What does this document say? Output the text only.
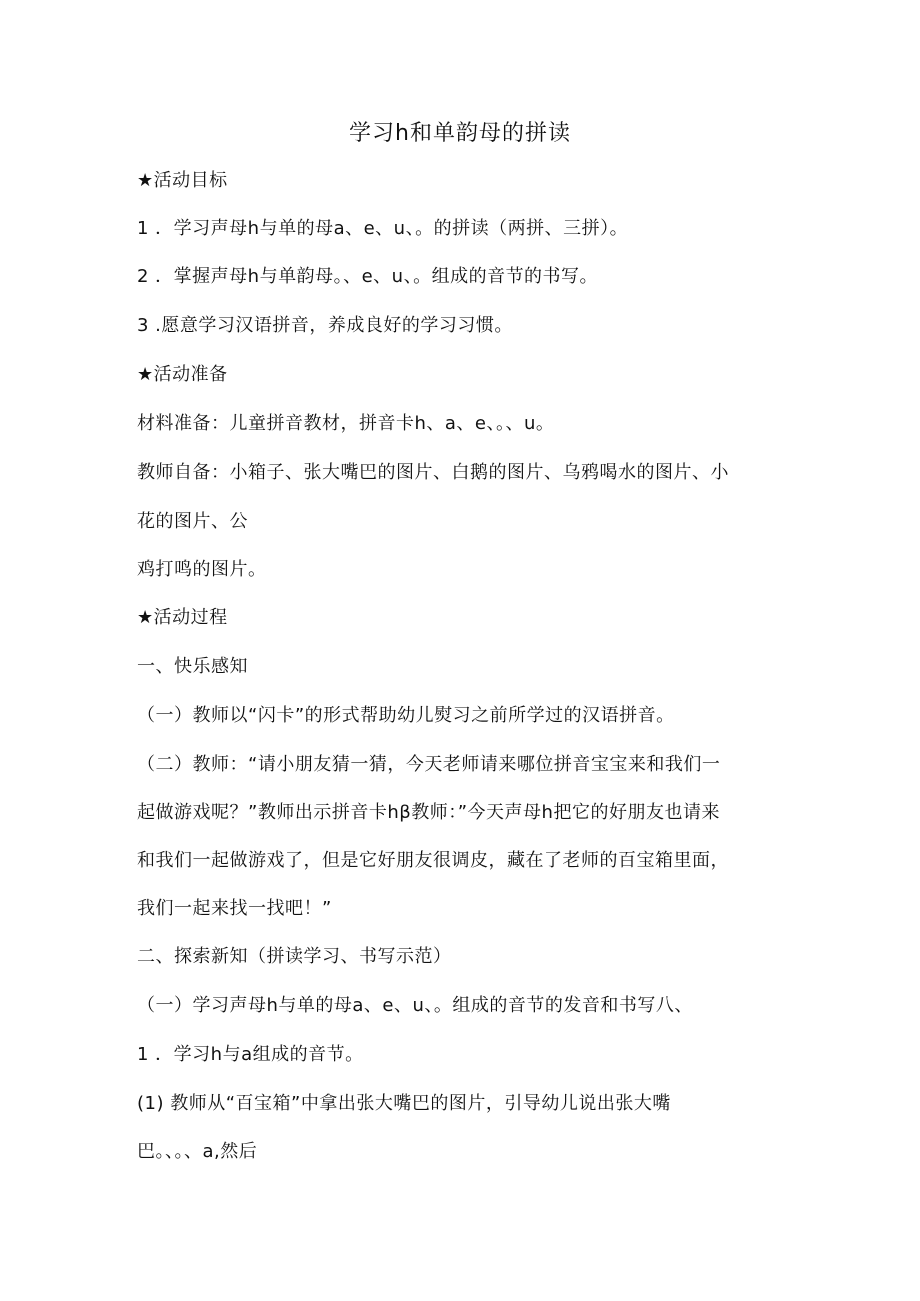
学习h和单韵母的拼读
★活动目标
1 ．学习声母h与单的母a、e、u、。的拼读（两拼、三拼）。
2 ．掌握声母h与单韵母。、e、u、。组成的音节的书写。
3 .愿意学习汉语拼音，养成良好的学习习惯。
★活动准备
材料准备：儿童拼音教材，拼音卡h、a、e、。、u。
教师自备：小箱子、张大嘴巴的图片、白鹅的图片、乌鸦喝水的图片、小
花的图片、公
鸡打鸣的图片。
★活动过程
一、快乐感知
（一）教师以“闪卡”的形式帮助幼儿熨习之前所学过的汉语拼音。
（二）教师：“请小朋友猜一猜，今天老师请来哪位拼音宝宝来和我们一
起做游戏呢？”教师出示拼音卡hβ教师：”今天声母h把它的好朋友也请来
和我们一起做游戏了，但是它好朋友很调皮，藏在了老师的百宝箱里面，
我们一起来找一找吧！”
二、探索新知（拼读学习、书写示范）
（一）学习声母h与单的母a、e、u、。组成的音节的发音和书写八、
1 ．学习h与a组成的音节。
(1) 教师从“百宝箱”中拿出张大嘴巴的图片，引导幼儿说出张大嘴
巴。、。、a,然后
